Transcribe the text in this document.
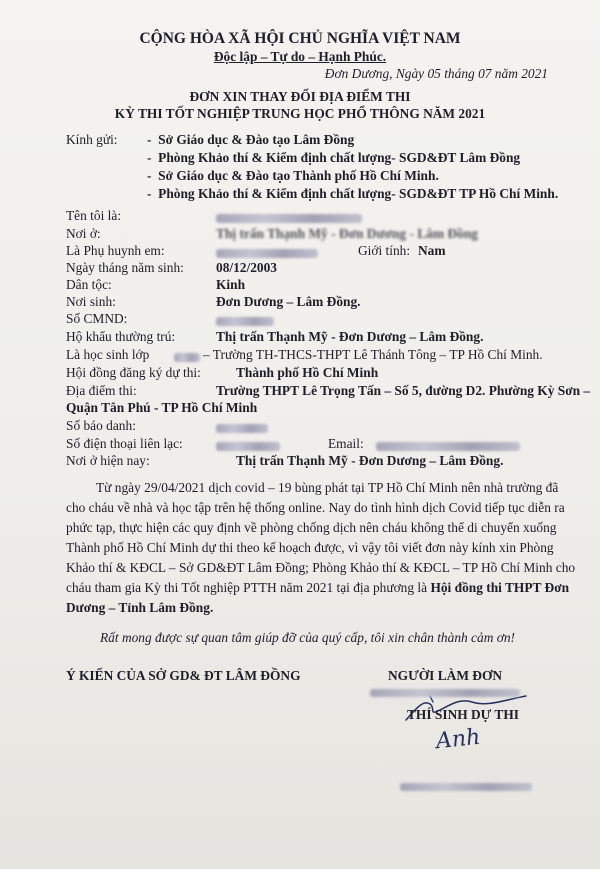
CỘNG HÒA XÃ HỘI CHỦ NGHĨA VIỆT NAM
Độc lập – Tự do – Hạnh Phúc.
Đơn Dương, Ngày 05 tháng 07 năm 2021
ĐƠN XIN THAY ĐỔI ĐỊA ĐIỂM THI
KỲ THI TỐT NGHIỆP TRUNG HỌC PHỔ THÔNG NĂM 2021
Kính gửi: -  Sở Giáo dục & Đào tạo Lâm Đồng
-  Phòng Khảo thí & Kiểm định chất lượng- SGD&ĐT Lâm Đồng
-  Sở Giáo dục & Đào tạo Thành phố Hồ Chí Minh.
-  Phòng Khảo thí & Kiểm định chất lượng- SGD&ĐT TP Hồ Chí Minh.
Tên tôi là:
Nơi ở:	Thị trấn Thạnh Mỹ - Đơn Dương - Lâm Đồng
Là Phụ huynh em:	Giới tính: Nam
Ngày tháng năm sinh: 08/12/2003
Dân tộc:	Kinh
Nơi sinh:	Đơn Dương – Lâm Đồng.
Số CMND:
Hộ khẩu thường trú:	Thị trấn Thạnh Mỹ - Đơn Dương – Lâm Đồng.
Là học sinh lớp	– Trường TH-THCS-THPT Lê Thánh Tông – TP Hồ Chí Minh.
Hội đồng đăng ký dự thi:	Thành phố Hồ Chí Minh
Địa điểm thi:	Trường THPT Lê Trọng Tấn – Số 5, đường D2. Phường Kỳ Sơn –
Quận Tân Phú - TP Hồ Chí Minh
Số báo danh:
Số điện thoại liên lạc:	Email:
Nơi ở hiện nay:	Thị trấn Thạnh Mỹ - Đơn Dương – Lâm Đồng.
Từ ngày 29/04/2021 dịch covid – 19 bùng phát tại TP Hồ Chí Minh nên nhà trường đã
cho cháu về nhà và học tập trên hệ thống online. Nay do tình hình dịch Covid tiếp tục diễn ra
phức tạp, thực hiện các quy định về phòng chống dịch nên cháu không thể di chuyển xuống
Thành phố Hồ Chí Minh dự thi theo kế hoạch được, vì vậy tôi viết đơn này kính xin Phòng
Khảo thí & KĐCL – Sở GD&ĐT Lâm Đồng; Phòng Khảo thí & KĐCL – TP Hồ Chí Minh cho
cháu tham gia Kỳ thi Tốt nghiệp PTTH năm 2021 tại địa phương là Hội đồng thi THPT Đơn
Dương – Tỉnh Lâm Đồng.
Rất mong được sự quan tâm giúp đỡ của quý cấp, tôi xin chân thành cảm ơn!
Ý KIẾN CỦA SỞ GD& ĐT LÂM ĐỒNG	NGƯỜI LÀM ĐƠN
THÍ SINH DỰ THI
Anh
